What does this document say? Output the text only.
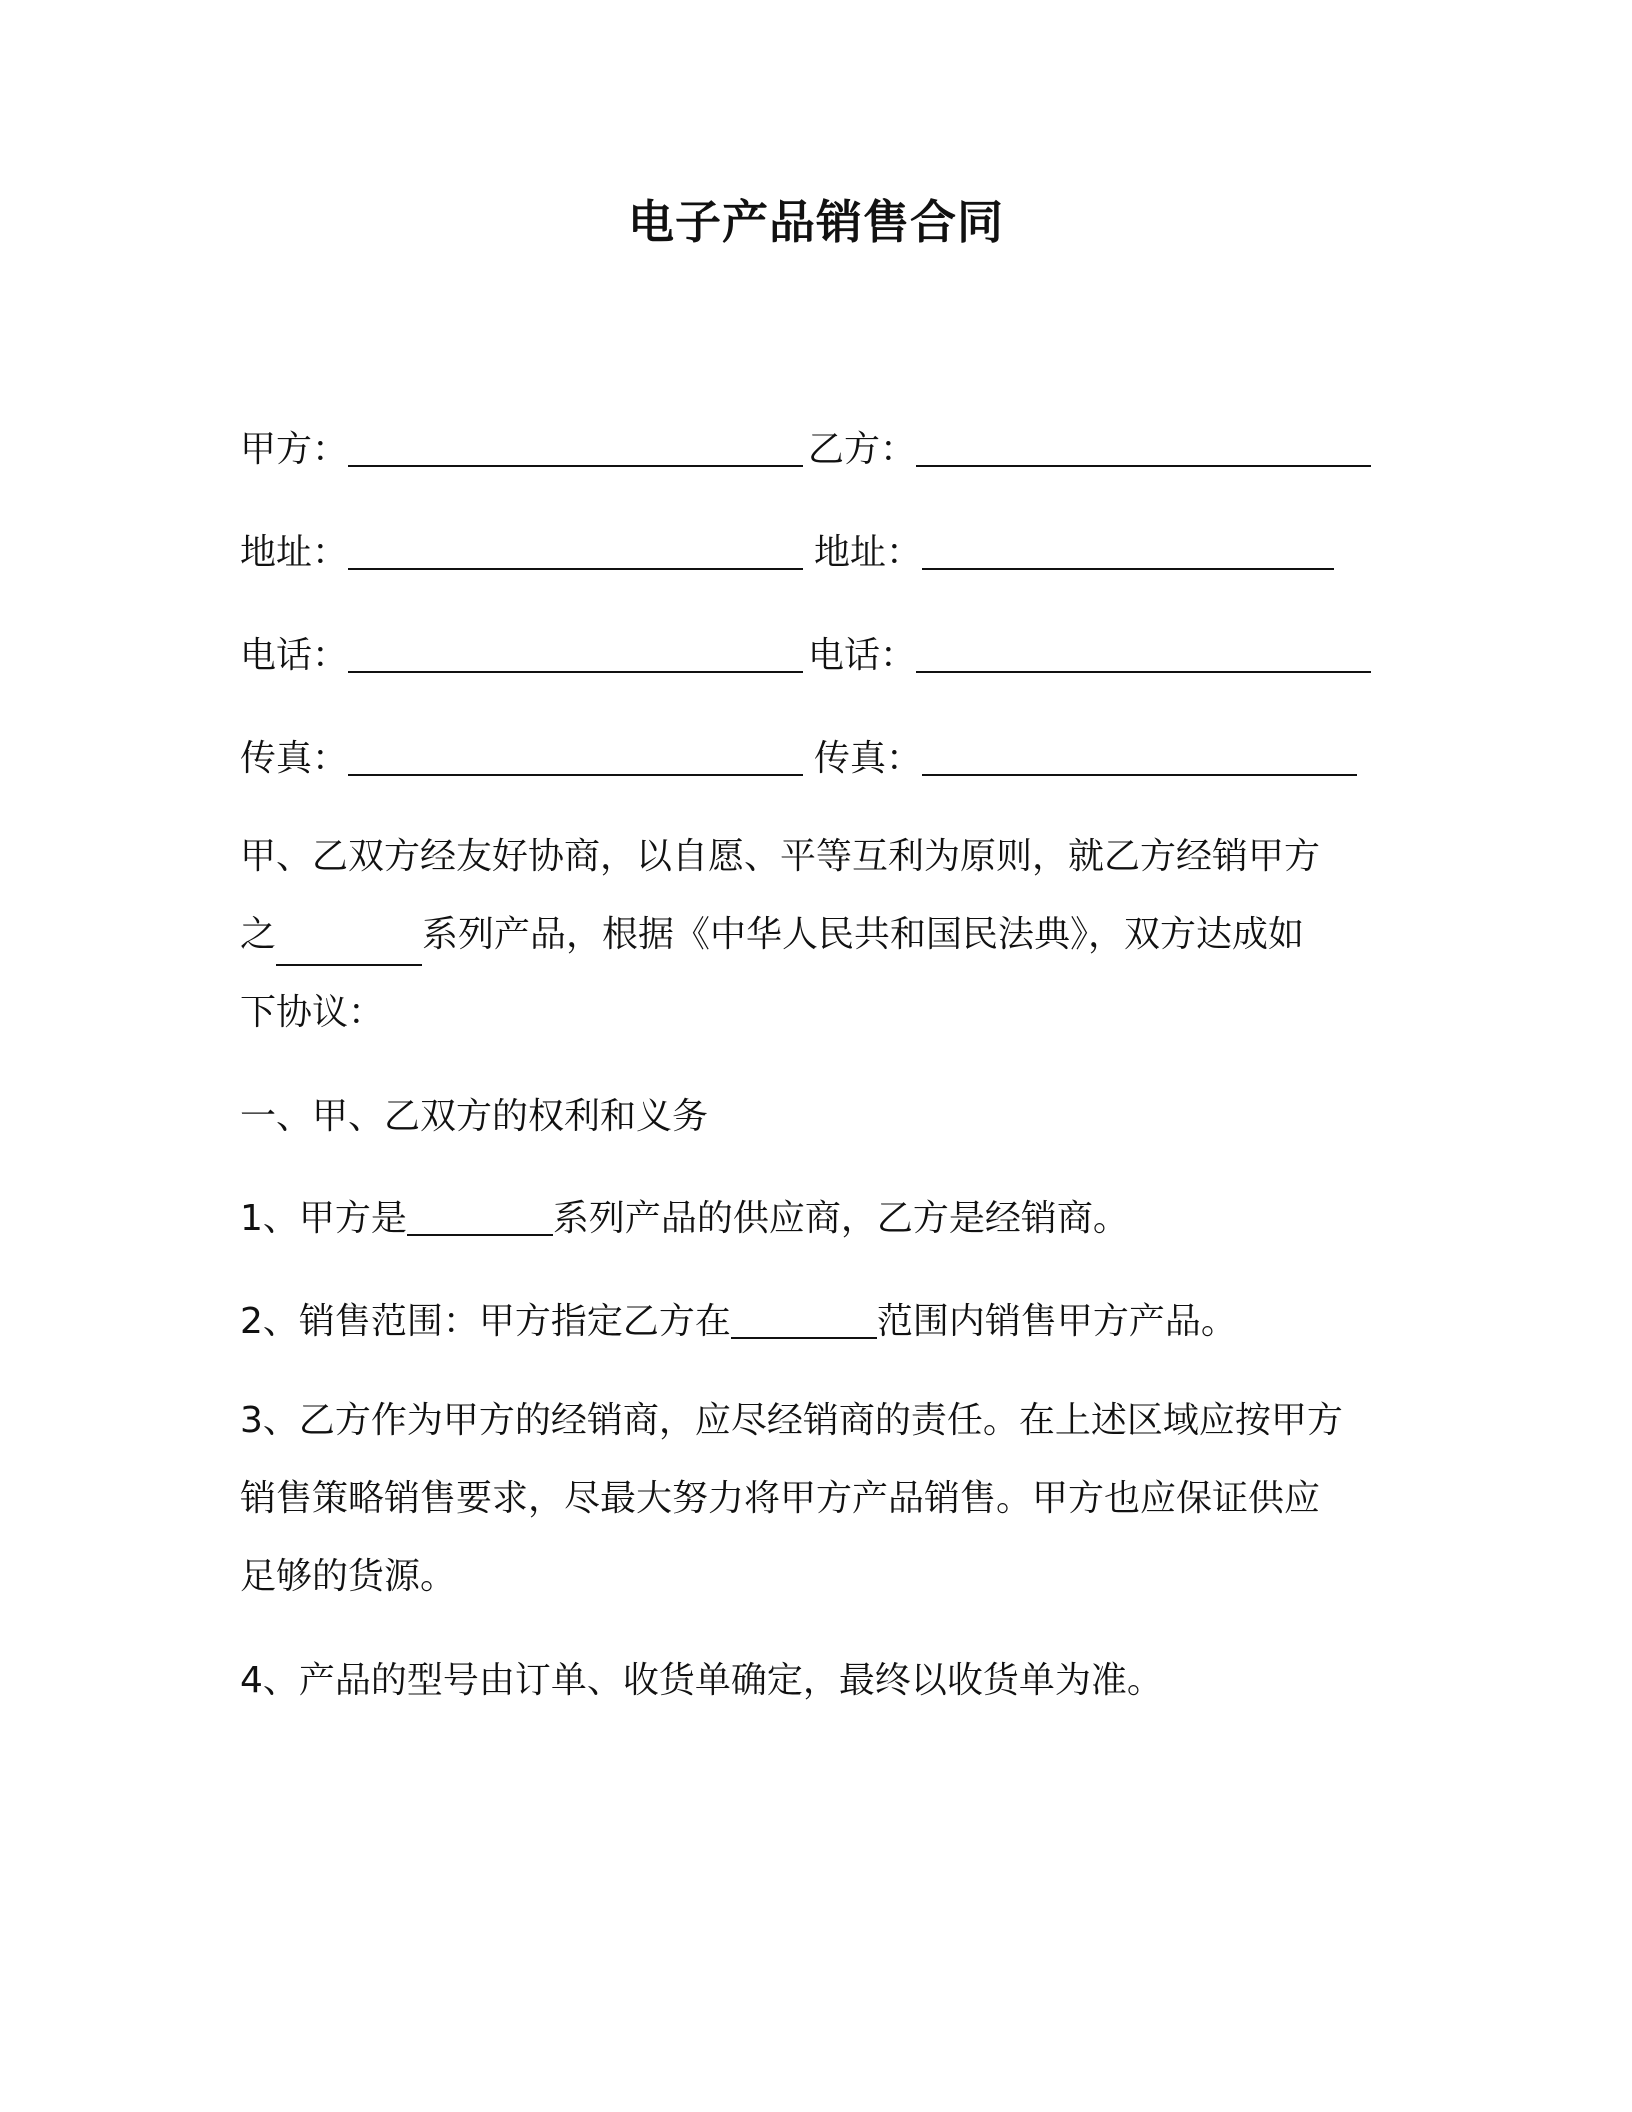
电子产品销售合同
甲方：	乙方：
地址：	地址：
电话：	电话：
传真：	传真：

甲、乙双方经友好协商，以自愿、平等互利为原则，就乙方经销甲方

之	系列产品，根据《中华人民共和国民法典》，双方达成如

下协议：

一、甲、乙双方的权利和义务
1、甲方是	系列产品的供应商，乙方是经销商。
2、销售范围：甲方指定乙方在	范围内销售甲方产品。

3、乙方作为甲方的经销商，应尽经销商的责任。在上述区域应按甲方

销售策略销售要求，尽最大努力将甲方产品销售。甲方也应保证供应

足够的货源。

4、产品的型号由订单、收货单确定，最终以收货单为准。
